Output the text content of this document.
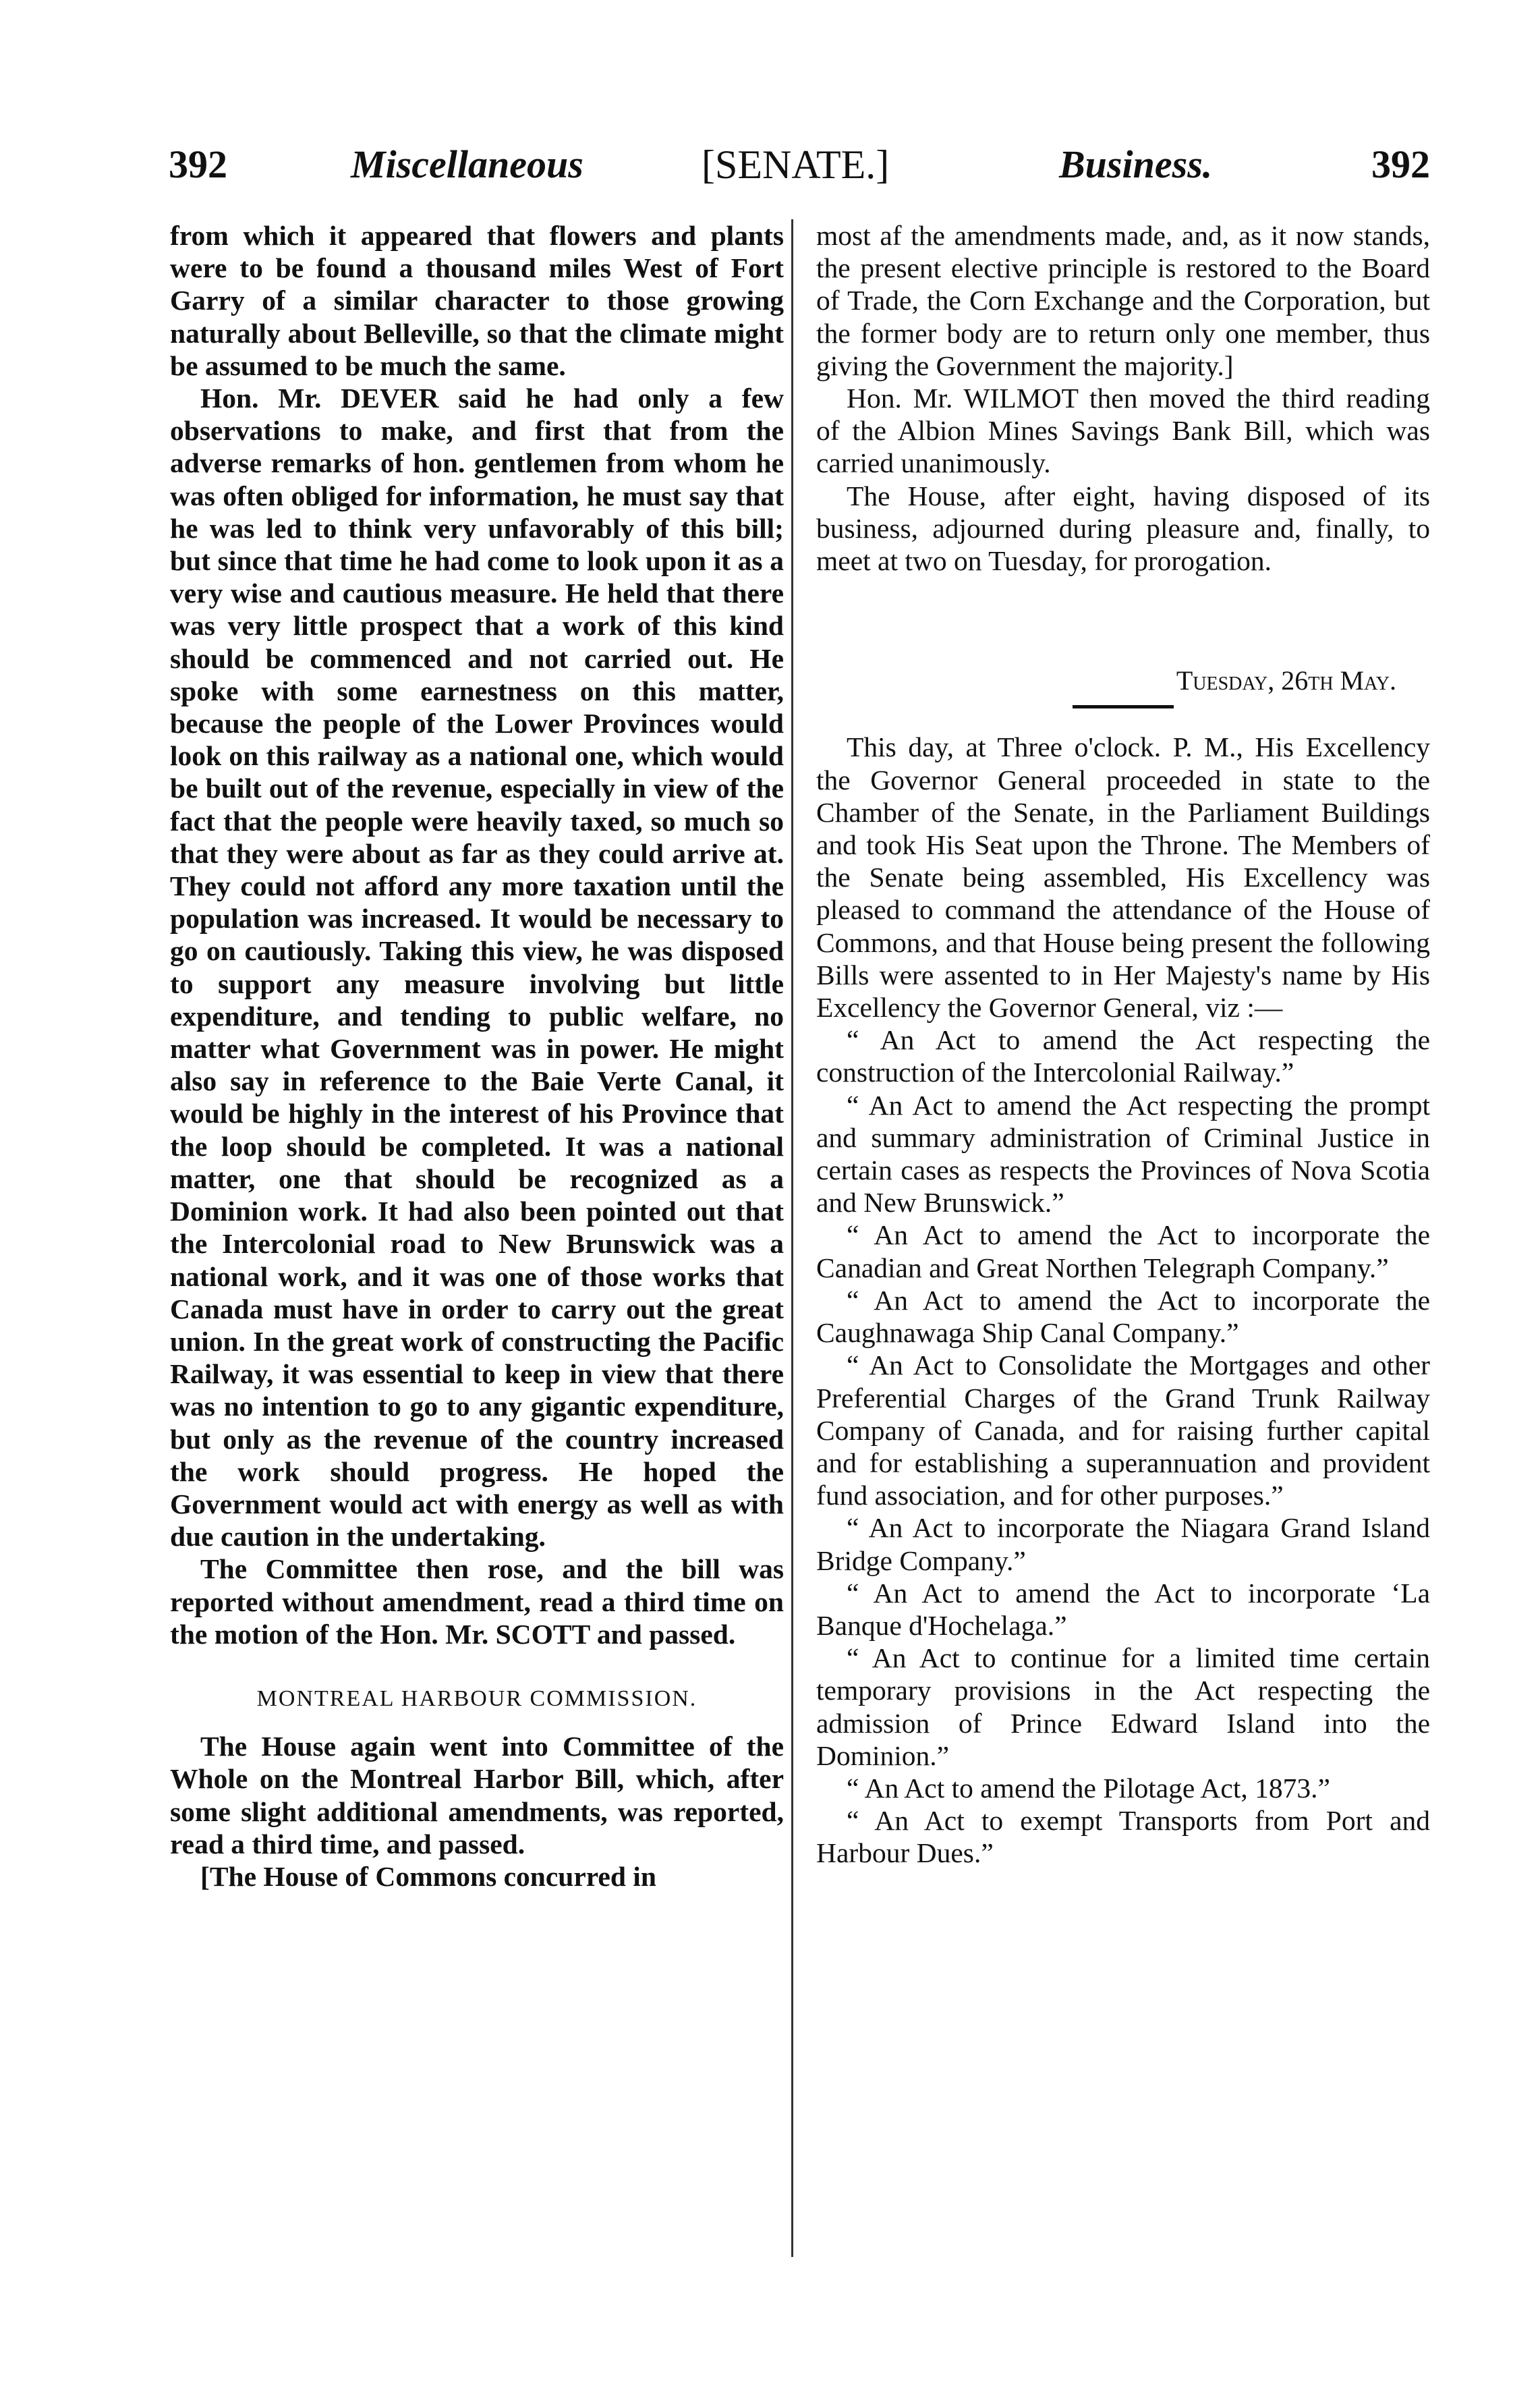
392	Miscellaneous	[SENATE.]	Business.	392

from which it appeared that flowers and plants were to be found a thousand miles West of Fort Garry of a similar character to those growing naturally about Belleville, so that the climate might be assumed to be much the same.

Hon. Mr. DEVER said he had only a few observations to make, and first that from the adverse remarks of hon. gentlemen from whom he was often obliged for information, he must say that he was led to think very unfavorably of this bill; but since that time he had come to look upon it as a very wise and cautious measure. He held that there was very little prospect that a work of this kind should be commenced and not carried out. He spoke with some earnestness on this matter, because the people of the Lower Provinces would look on this railway as a national one, which would be built out of the revenue, especially in view of the fact that the people were heavily taxed, so much so that they were about as far as they could arrive at. They could not afford any more taxation until the population was increased. It would be necessary to go on cautiously. Taking this view, he was disposed to support any measure involving but little expenditure, and tending to public welfare, no matter what Government was in power. He might also say in reference to the Baie Verte Canal, it would be highly in the interest of his Province that the loop should be completed. It was a national matter, one that should be recognized as a Dominion work. It had also been pointed out that the Intercolonial road to New Brunswick was a national work, and it was one of those works that Canada must have in order to carry out the great union. In the great work of constructing the Pacific Railway, it was essential to keep in view that there was no intention to go to any gigantic expenditure, but only as the revenue of the country increased the work should progress. He hoped the Government would act with energy as well as with due caution in the undertaking.

The Committee then rose, and the bill was reported without amendment, read a third time on the motion of the Hon. Mr. SCOTT and passed.

MONTREAL HARBOUR COMMISSION.

The House again went into Committee of the Whole on the Montreal Harbor Bill, which, after some slight additional amendments, was reported, read a third time, and passed.

[The House of Commons concurred in

most af the amendments made, and, as it now stands, the present elective principle is restored to the Board of Trade, the Corn Exchange and the Corporation, but the former body are to return only one member, thus giving the Government the majority.]

Hon. Mr. WILMOT then moved the third reading of the Albion Mines Savings Bank Bill, which was carried unanimously.

The House, after eight, having disposed of its business, adjourned during pleasure and, finally, to meet at two on Tuesday, for prorogation.

Tuesday, 26th May.

This day, at Three o'clock. P. M., His Excellency the Governor General proceeded in state to the Chamber of the Senate, in the Parliament Buildings and took His Seat upon the Throne. The Members of the Senate being assembled, His Excellency was pleased to command the attendance of the House of Commons, and that House being present the following Bills were assented to in Her Majesty's name by His Excellency the Governor General, viz :—

“ An Act to amend the Act respecting the construction of the Intercolonial Railway.”

“ An Act to amend the Act respecting the prompt and summary administration of Criminal Justice in certain cases as respects the Provinces of Nova Scotia and New Brunswick.”

“ An Act to amend the Act to incorporate the Canadian and Great Northen Telegraph Company.”

“ An Act to amend the Act to incorporate the Caughnawaga Ship Canal Company.”

“ An Act to Consolidate the Mortgages and other Preferential Charges of the Grand Trunk Railway Company of Canada, and for raising further capital and for establishing a superannuation and provident fund association, and for other purposes.”

“ An Act to incorporate the Niagara Grand Island Bridge Company.”

“ An Act to amend the Act to incorporate ‘La Banque d'Hochelaga.”

“ An Act to continue for a limited time certain temporary provisions in the Act respecting the admission of Prince Edward Island into the Dominion.”

“ An Act to amend the Pilotage Act, 1873.”

“ An Act to exempt Transports from Port and Harbour Dues.”
